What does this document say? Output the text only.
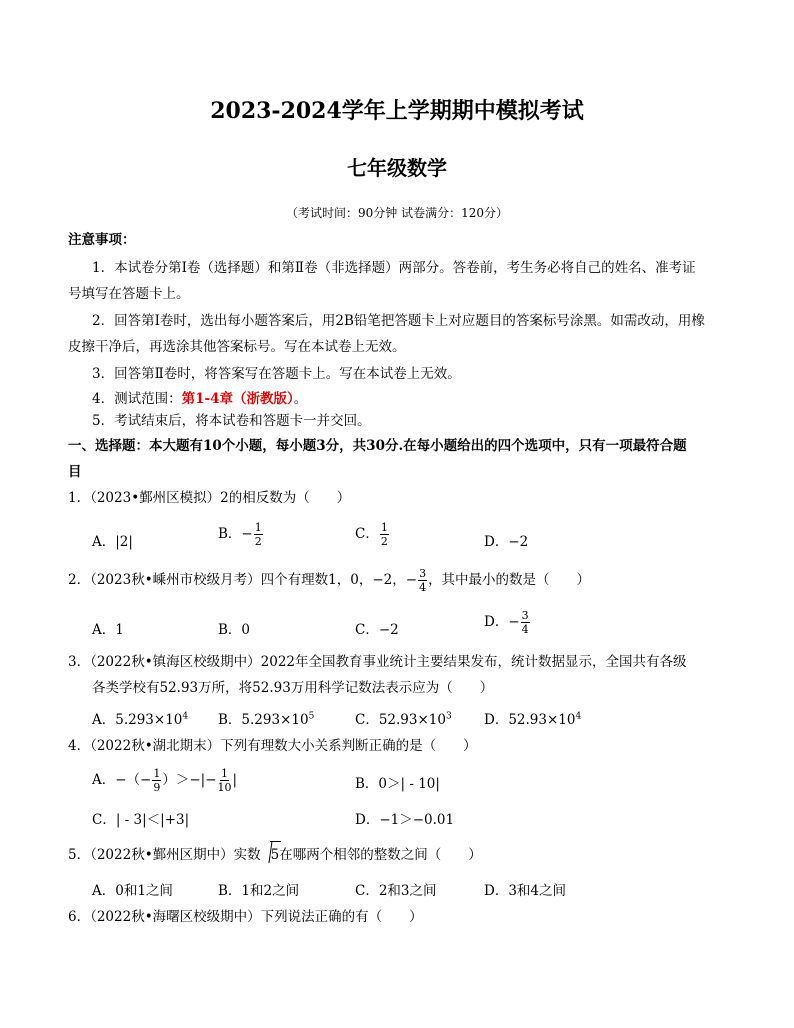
2023-2024学年上学期期中模拟考试
七年级数学
（考试时间：90分钟 试卷满分：120分）
注意事项：
1．本试卷分第Ⅰ卷（选择题）和第Ⅱ卷（非选择题）两部分。答卷前，考生务必将自己的姓名、准考证
号填写在答题卡上。
2．回答第Ⅰ卷时，选出每小题答案后，用2B铅笔把答题卡上对应题目的答案标号涂黑。如需改动，用橡
皮擦干净后，再选涂其他答案标号。写在本试卷上无效。
3．回答第Ⅱ卷时，将答案写在答题卡上。写在本试卷上无效。
4．测试范围：第1-4章（浙教版）。
5．考试结束后，将本试卷和答题卡一并交回。
一、选择题：本大题有10个小题，每小题3分，共30分.在每小题给出的四个选项中，只有一项最符合题
目
1．（2023•鄞州区模拟）2的相反数为（　　）
A．|2|	B．− $\frac{1}{2}$	C． $\frac{1}{2}$	D．−2
2．（2023秋•嵊州市校级月考）四个有理数1，0，−2，− $\frac{3}{4}$ ，其中最小的数是（　　）
A．1	B．0	C．−2	D．− $\frac{3}{4}$
3．（2022秋•镇海区校级期中）2022年全国教育事业统计主要结果发布，统计数据显示，全国共有各级
各类学校有52.93万所，将52.93万用科学记数法表示应为（　　）
A．$5.293\times 10^4$ B．$5.293\times 10^5$	C．$52.93\times 10^3$ D．$52.93\times 10^4$
4．（2022秋•湖北期末）下列有理数大小关系判断正确的是（　　）
A．−（− $\frac{1}{9}$ ）＞−|− $\frac{1}{10}$ |	B．0＞| - 10|
C．| - 3|＜|+3|	D．−1＞−0.01
5．（2022秋•鄞州区期中）实数 5在哪两个相邻的整数之间（　　）
A．0和1之间	B．1和2之间	C．2和3之间	D．3和4之间
6．（2022秋•海曙区校级期中）下列说法正确的有（　　）
